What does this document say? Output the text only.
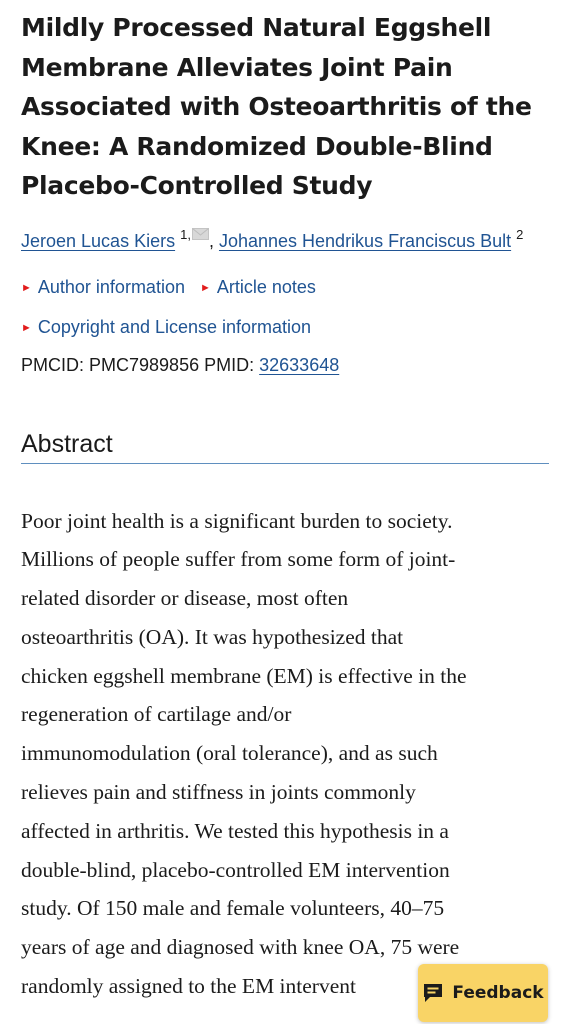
Mildly Processed Natural Eggshell Membrane Alleviates Joint Pain Associated with Osteoarthritis of the Knee: A Randomized Double-Blind Placebo-Controlled Study
Jeroen Lucas Kiers $^{1,}$ , Johannes Hendrikus Franciscus Bult $^2$
► Author information ► Article notes
► Copyright and License information
PMCID: PMC7989856 PMID: 32633648
Abstract
Poor joint health is a significant burden to society.
Millions of people suffer from some form of joint-
related disorder or disease, most often
osteoarthritis (OA). It was hypothesized that
chicken eggshell membrane (EM) is effective in the
regeneration of cartilage and/or
immunomodulation (oral tolerance), and as such
relieves pain and stiffness in joints commonly
affected in arthritis. We tested this hypothesis in a
double-blind, placebo-controlled EM intervention
study. Of 150 male and female volunteers, 40–75
years of age and diagnosed with knee OA, 75 were
randomly assigned to the EM intervent	Feedback
